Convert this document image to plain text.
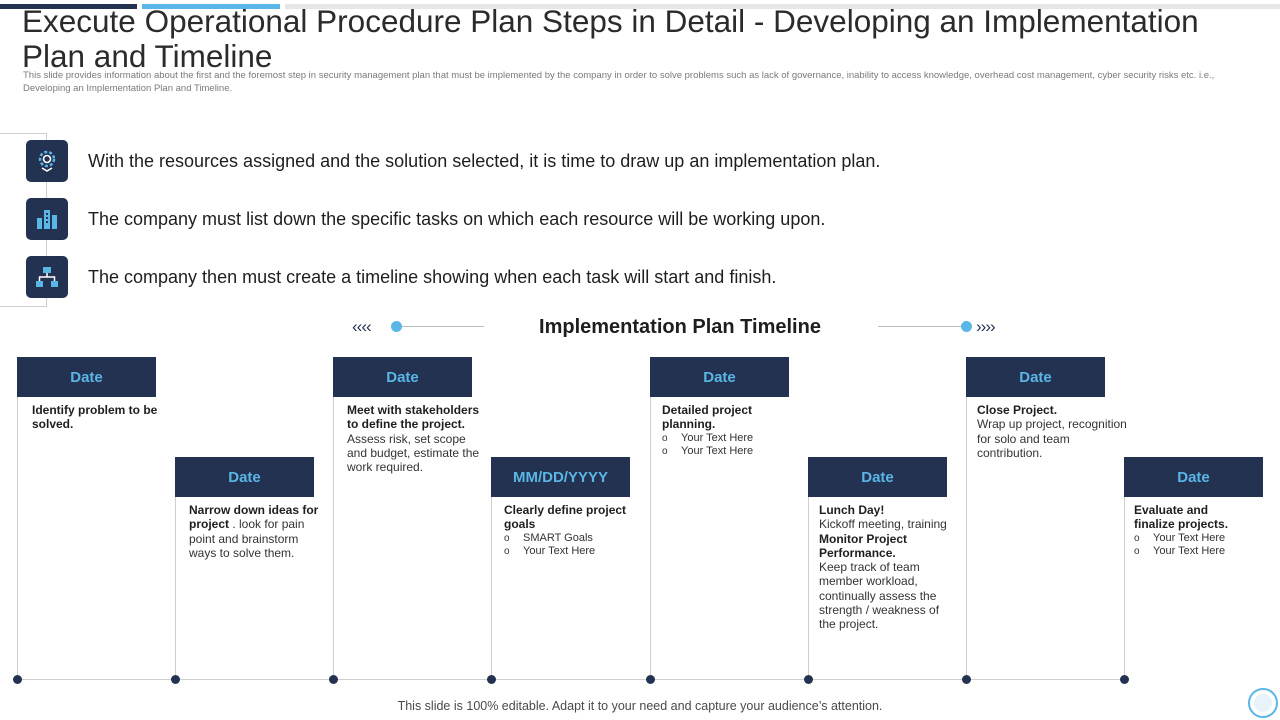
Execute Operational Procedure Plan Steps in Detail - Developing an Implementation Plan and Timeline

This slide provides information about the first and the foremost step in security management plan that must be implemented by the company in order to solve problems such as lack of governance, inability to access knowledge, overhead cost management, cyber security risks etc. i.e., Developing an Implementation Plan and Timeline.

With the resources assigned and the solution selected, it is time to draw up an implementation plan.
The company must list down the specific tasks on which each resource will be working upon.
The company then must create a timeline showing when each task will start and finish.
‹‹‹‹	Implementation Plan Timeline	››››
Date
Identify problem to be solved.
Date
Narrow down ideas for project . look for pain point and brainstorm ways to solve them.
Date
Meet with stakeholders to define the project. Assess risk, set scope and budget, estimate the work required.
MM/DD/YYYY
Clearly define project goals
o SMART Goals
o Your Text Here
Date
Detailed project planning.
o Your Text Here
o Your Text Here
Date
Lunch Day!
Kickoff meeting, training
Monitor Project Performance.
Keep track of team member workload, continually assess the strength / weakness of the project.
Date
Close Project.
Wrap up project, recognition for solo and team contribution.
Date
Evaluate and finalize projects.
o Your Text Here
o Your Text Here
This slide is 100% editable. Adapt it to your need and capture your audience’s attention.
